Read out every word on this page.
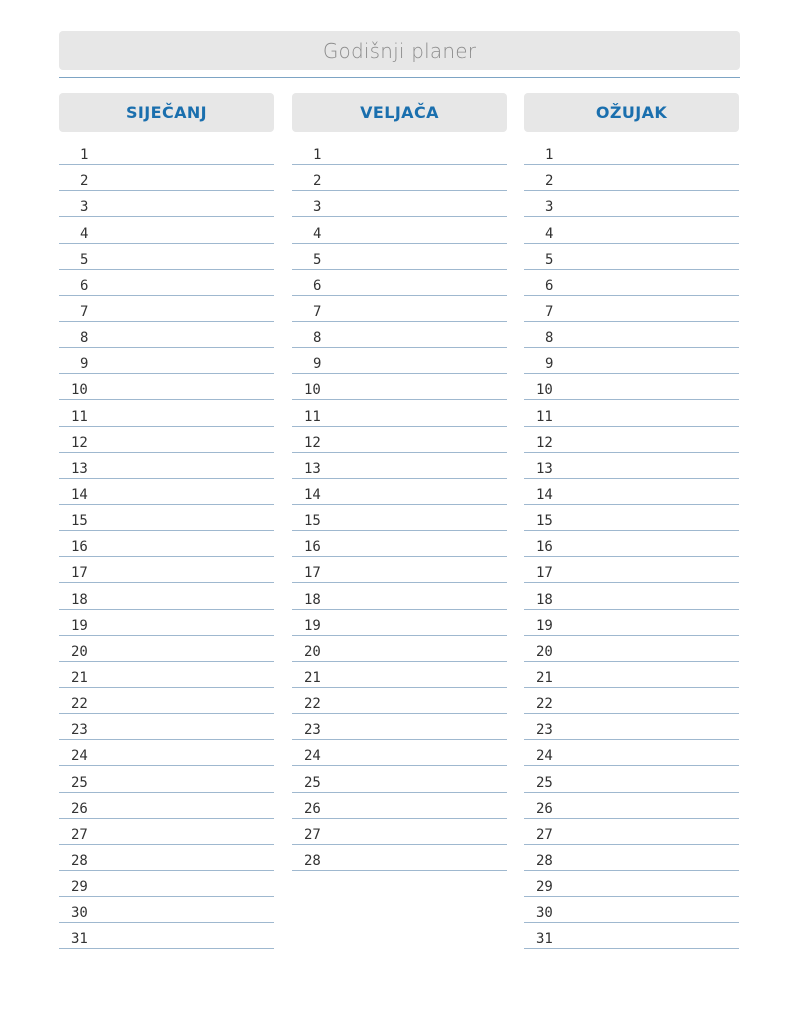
Godišnji planer
SIJEČANJ
1
2
3
4
5
6
7
8
9
10
11
12
13
14
15
16
17
18
19
20
21
22
23
24
25
26
27
28
29
30
31
VELJAČA
1
2
3
4
5
6
7
8
9
10
11
12
13
14
15
16
17
18
19
20
21
22
23
24
25
26
27
28
OŽUJAK
1
2
3
4
5
6
7
8
9
10
11
12
13
14
15
16
17
18
19
20
21
22
23
24
25
26
27
28
29
30
31
